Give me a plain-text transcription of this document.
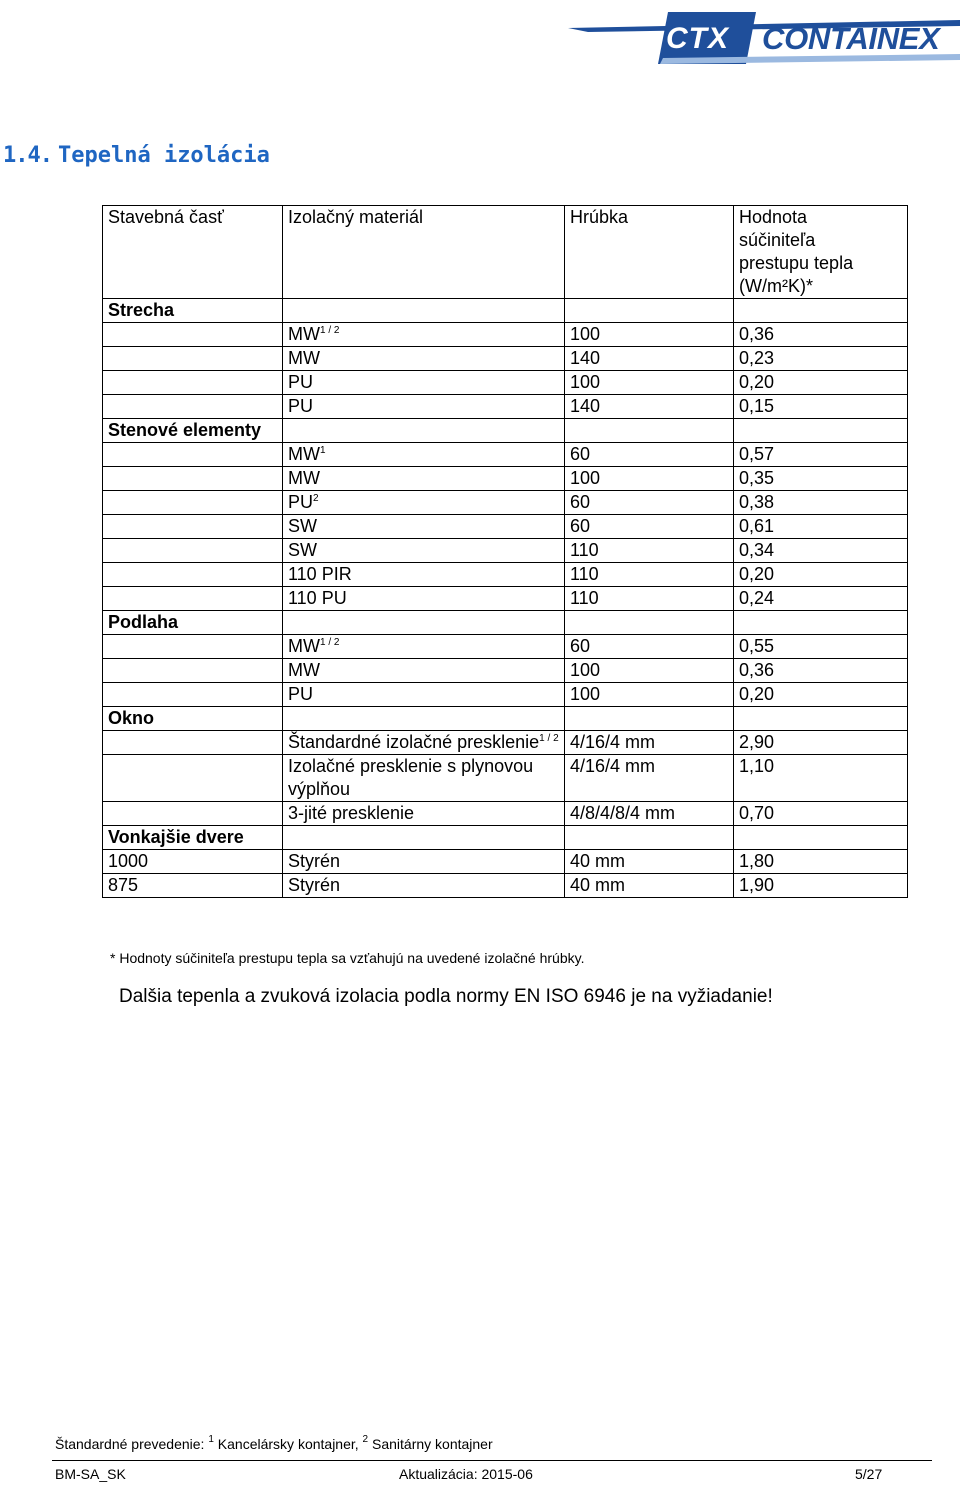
CTX CONTAINEX
1.4. Tepelná izolácia
Stavebná časť	Izolačný materiál	Hrúbka	Hodnota súčiniteľa prestupu tepla (W/m²K)*

Strecha			
	$MW^{1 / 2}$	100	0,36
	MW	140	0,23
	PU	100	0,20
	PU	140	0,15
Stenové elementy			
	$MW^1$	60	0,57
	MW	100	0,35
	$PU^2$	60	0,38
	SW	60	0,61
	SW	110	0,34
	110 PIR	110	0,20
	110 PU	110	0,24
Podlaha			
	$MW^{1 / 2}$	60	0,55
	MW	100	0,36
	PU	100	0,20
Okno			
	Štandardné izolačné presklenie$^{1 / 2}$	4/16/4 mm	2,90
	Izolačné presklenie s plynovou výplňou	4/16/4 mm	1,10
	3-jité presklenie	4/8/4/8/4 mm	0,70
Vonkajšie dvere			
1000	Styrén	40 mm	1,80
875	Styrén	40 mm	1,90
* Hodnoty súčiniteľa prestupu tepla sa vzťahujú na uvedené izolačné hrúbky.
Dalšia tepenla a zvuková izolacia podla normy EN ISO 6946 je na vyžiadanie!
Štandardné prevedenie: $^1$ Kancelársky kontajner, $^2$ Sanitárny kontajner
BM-SA_SK	Aktualizácia: 2015-06	5/27
